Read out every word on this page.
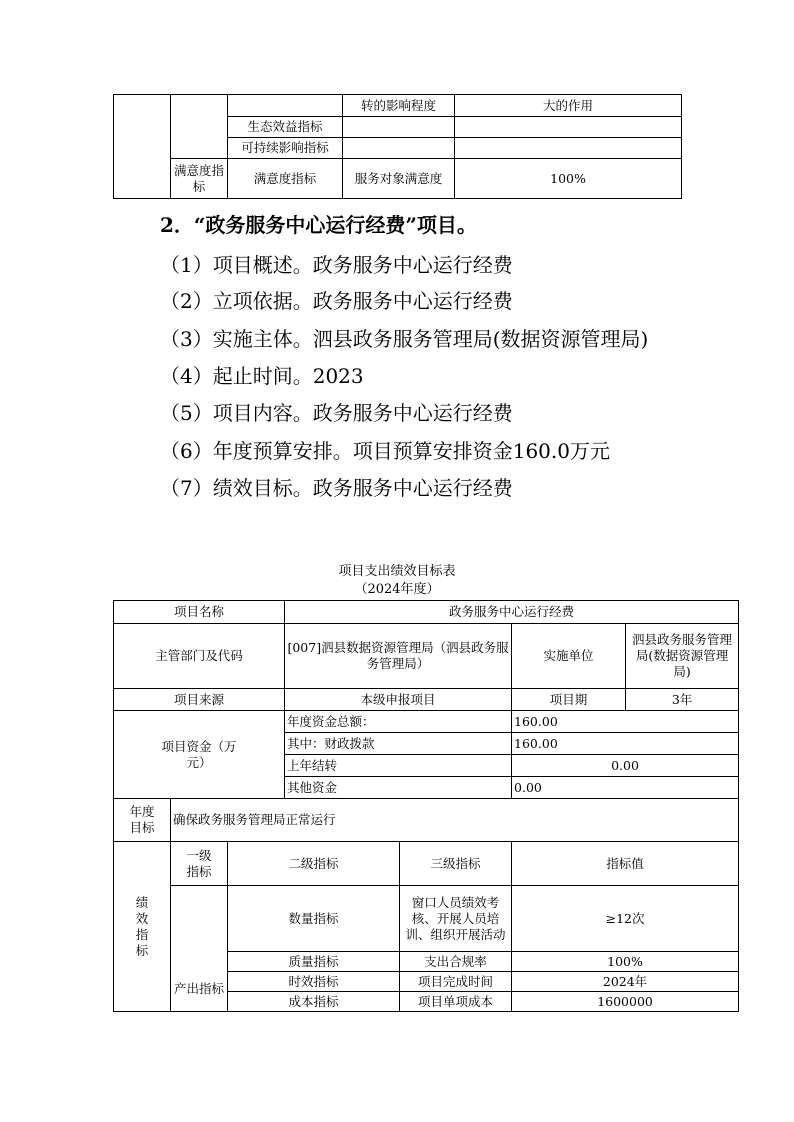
			转的影响程度	大的作用
		生态效益指标		
		可持续影响指标		
	满意度指标	满意度指标	服务对象满意度	100%
2．“政务服务中心运行经费”项目。
（1）项目概述。政务服务中心运行经费
（2）立项依据。政务服务中心运行经费
（3）实施主体。泗县政务服务管理局(数据资源管理局)
（4）起止时间。2023
（5）项目内容。政务服务中心运行经费
（6）年度预算安排。项目预算安排资金160.0万元
（7）绩效目标。政务服务中心运行经费
项目支出绩效目标表
（2024年度）
项目名称			政务服务中心运行经费			
主管部门及代码			[007]泗县数据资源管理局（泗县政务服务管理局）		实施单位	泗县政务服务管理局(数据资源管理局)
项目来源			本级申报项目		项目期	3年
项目资金（万元）			年度资金总额：		160.00	
			其中：财政拨款		160.00	
			上年结转		0.00	
			其他资金		0.00	
年度目标	确保政务服务管理局正常运行					
绩效指标	一级指标	二级指标		三级指标	指标值	
	产出指标	数量指标		窗口人员绩效考核、开展人员培训、组织开展活动	≥12次	
		质量指标		支出合规率	100%	
		时效指标		项目完成时间	2024年	
		成本指标		项目单项成本	1600000	
